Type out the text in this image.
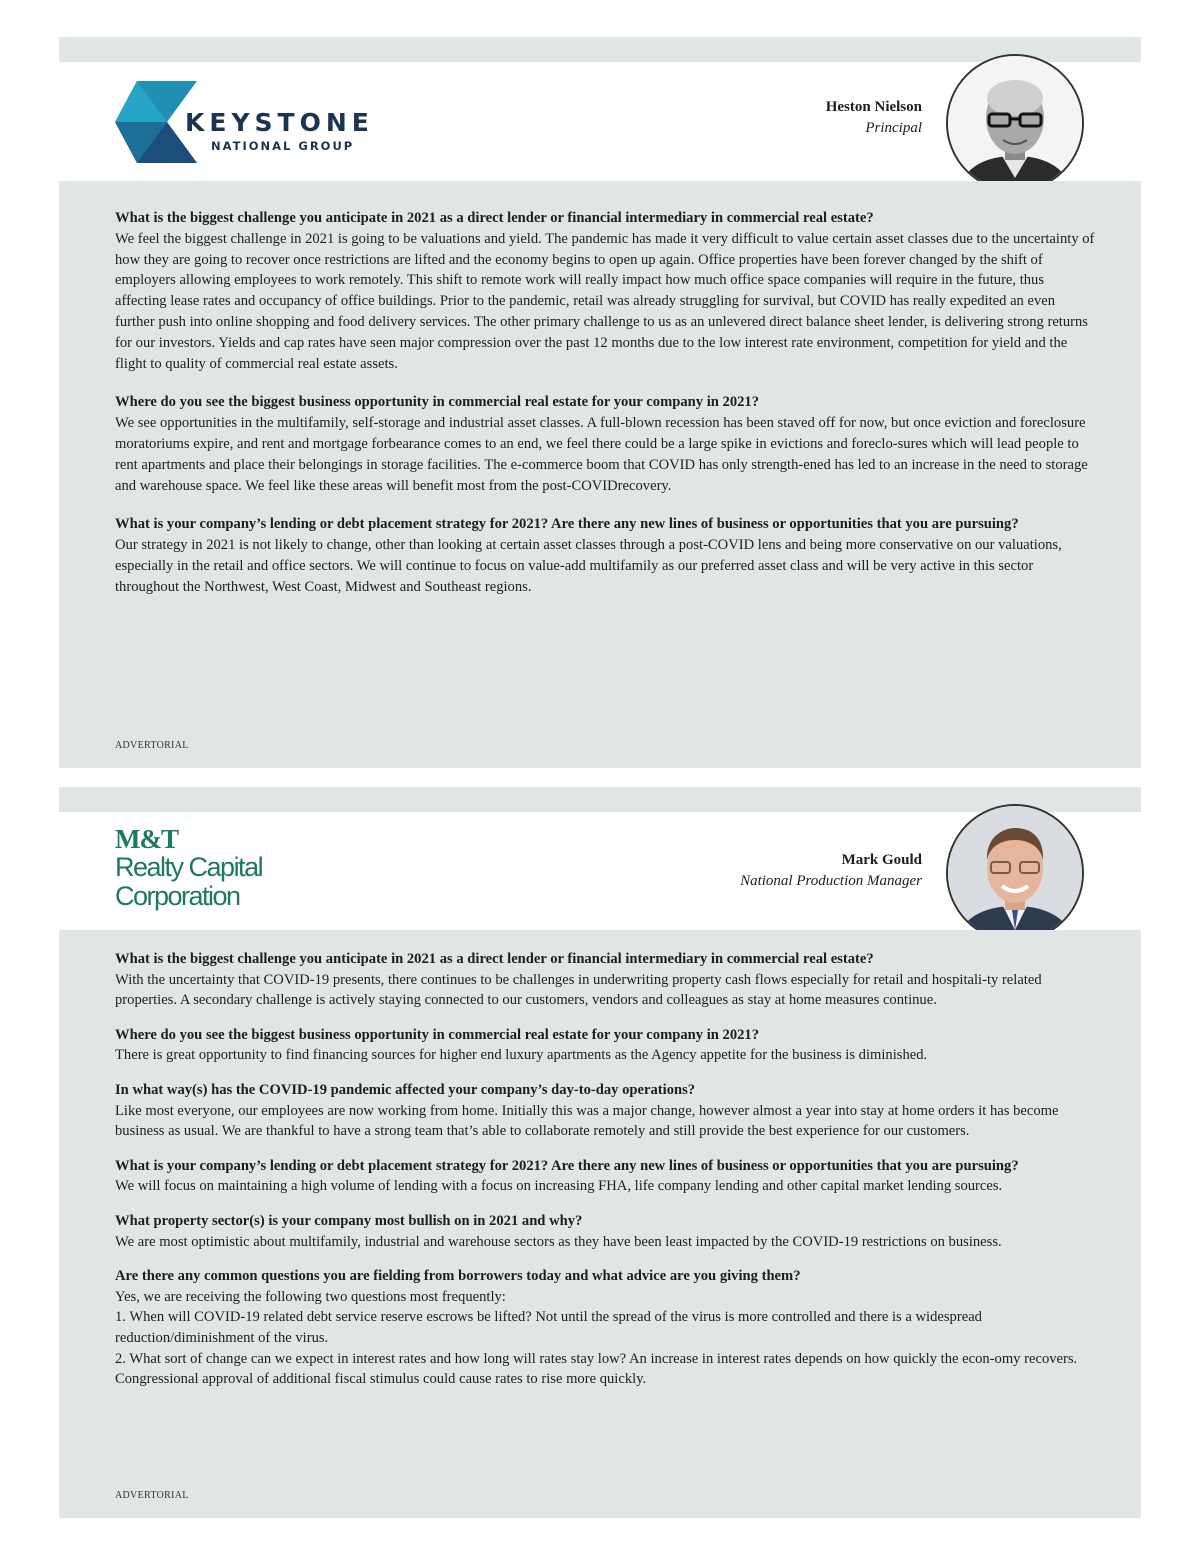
KEYSTONE
NATIONAL GROUP
Heston Nielson
Principal

What is the biggest challenge you anticipate in 2021 as a direct lender or financial intermediary in commercial real estate?

We feel the biggest challenge in 2021 is going to be valuations and yield. The pandemic has made it very difficult to value certain asset classes due to the uncertainty of how they are going to recover once restrictions are lifted and the economy begins to open up again. Office properties have been forever changed by the shift of employers allowing employees to work remotely. This shift to remote work will really impact how much office space companies will require in the future, thus affecting lease rates and occupancy of office buildings. Prior to the pandemic, retail was already struggling for survival, but COVID has really expedited an even further push into online shopping and food delivery services. The other primary challenge to us as an unlevered direct balance sheet lender, is delivering strong returns for our investors. Yields and cap rates have seen major compression over the past 12 months due to the low interest rate environment, competition for yield and the flight to quality of commercial real estate assets.

Where do you see the biggest business opportunity in commercial real estate for your company in 2021?

We see opportunities in the multifamily, self-storage and industrial asset classes. A full-blown recession has been staved off for now, but once eviction and foreclosure moratoriums expire, and rent and mortgage forbearance comes to an end, we feel there could be a large spike in evictions and foreclo-sures which will lead people to rent apartments and place their belongings in storage facilities. The e-commerce boom that COVID has only strength-ened has led to an increase in the need to storage and warehouse space. We feel like these areas will benefit most from the post-COVIDrecovery.

What is your company’s lending or debt placement strategy for 2021? Are there any new lines of business or opportunities that you are pursuing?

Our strategy in 2021 is not likely to change, other than looking at certain asset classes through a post-COVID lens and being more conservative on our valuations, especially in the retail and office sectors. We will continue to focus on value-add multifamily as our preferred asset class and will be very active in this sector throughout the Northwest, West Coast, Midwest and Southeast regions.

ADVERTORIAL
M&T
Realty Capital
Corporation
Mark Gould
National Production Manager

What is the biggest challenge you anticipate in 2021 as a direct lender or financial intermediary in commercial real estate?

With the uncertainty that COVID-19 presents, there continues to be challenges in underwriting property cash flows especially for retail and hospitali-ty related properties. A secondary challenge is actively staying connected to our customers, vendors and colleagues as stay at home measures continue.

Where do you see the biggest business opportunity in commercial real estate for your company in 2021?

There is great opportunity to find financing sources for higher end luxury apartments as the Agency appetite for the business is diminished.

In what way(s) has the COVID-19 pandemic affected your company’s day-to-day operations?

Like most everyone, our employees are now working from home. Initially this was a major change, however almost a year into stay at home orders it has become business as usual. We are thankful to have a strong team that’s able to collaborate remotely and still provide the best experience for our customers.

What is your company’s lending or debt placement strategy for 2021? Are there any new lines of business or opportunities that you are pursuing?

We will focus on maintaining a high volume of lending with a focus on increasing FHA, life company lending and other capital market lending sources.

What property sector(s) is your company most bullish on in 2021 and why?

We are most optimistic about multifamily, industrial and warehouse sectors as they have been least impacted by the COVID-19 restrictions on business.

Are there any common questions you are fielding from borrowers today and what advice are you giving them?

Yes, we are receiving the following two questions most frequently:
1. When will COVID-19 related debt service reserve escrows be lifted? Not until the spread of the virus is more controlled and there is a widespread reduction/diminishment of the virus.
2. What sort of change can we expect in interest rates and how long will rates stay low? An increase in interest rates depends on how quickly the econ-omy recovers. Congressional approval of additional fiscal stimulus could cause rates to rise more quickly.

ADVERTORIAL
